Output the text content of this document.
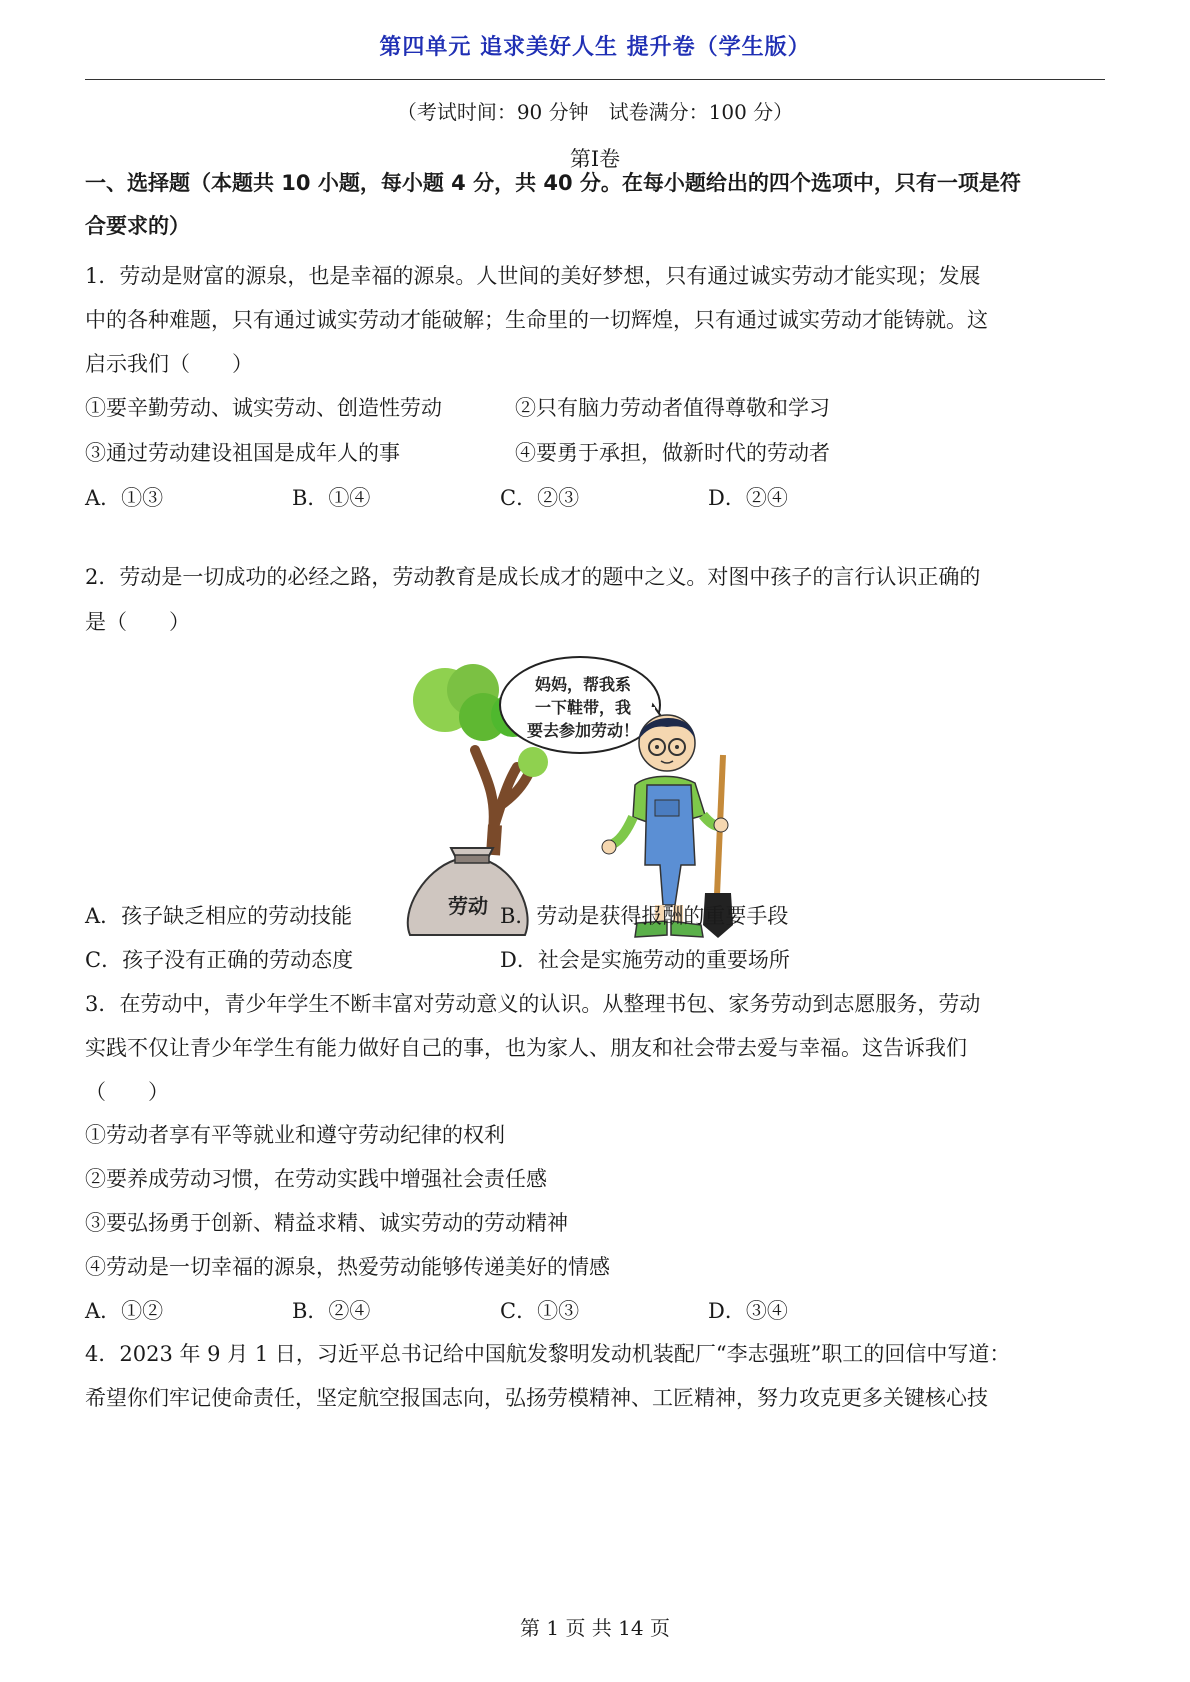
第四单元 追求美好人生 提升卷（学生版）
（考试时间：90 分钟　试卷满分：100 分）
第Ⅰ卷
一、选择题（本题共 10 小题，每小题 4 分，共 40 分。在每小题给出的四个选项中，只有一项是符
合要求的）
1．劳动是财富的源泉，也是幸福的源泉。人世间的美好梦想，只有通过诚实劳动才能实现；发展
中的各种难题，只有通过诚实劳动才能破解；生命里的一切辉煌，只有通过诚实劳动才能铸就。这
启示我们（　　）
①要辛勤劳动、诚实劳动、创造性劳动	②只有脑力劳动者值得尊敬和学习
③通过劳动建设祖国是成年人的事	④要勇于承担，做新时代的劳动者
A．①③	B．①④	C．②③	D．②④
2．劳动是一切成功的必经之路，劳动教育是成长成才的题中之义。对图中孩子的言行认识正确的
是（　　）
劳动
妈妈，帮我系
一下鞋带，我
要去参加劳动！
A．孩子缺乏相应的劳动技能	B．劳动是获得报酬的重要手段
C．孩子没有正确的劳动态度	D．社会是实施劳动的重要场所
3．在劳动中，青少年学生不断丰富对劳动意义的认识。从整理书包、家务劳动到志愿服务，劳动
实践不仅让青少年学生有能力做好自己的事，也为家人、朋友和社会带去爱与幸福。这告诉我们
（　　）
①劳动者享有平等就业和遵守劳动纪律的权利
②要养成劳动习惯，在劳动实践中增强社会责任感
③要弘扬勇于创新、精益求精、诚实劳动的劳动精神
④劳动是一切幸福的源泉，热爱劳动能够传递美好的情感
A．①②	B．②④	C．①③	D．③④
4．2023 年 9 月 1 日，习近平总书记给中国航发黎明发动机装配厂“李志强班”职工的回信中写道：
希望你们牢记使命责任，坚定航空报国志向，弘扬劳模精神、工匠精神，努力攻克更多关键核心技
第 1 页 共 14 页
